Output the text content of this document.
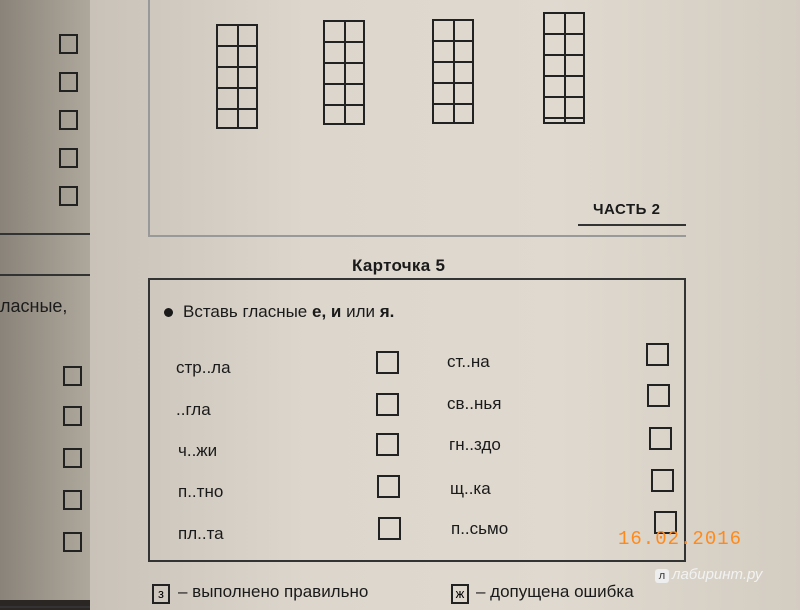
ласные,
ЧАСТЬ 2
Карточка 5
Вставь гласные е, и или я.
стр..ла
..гла
ч..жи
п..тно
пл..та
ст..на
св..нья
гн..здо
щ..ка
п..сьмо	16.02.2016
з – выполнено правильно	ж – допущена ошибка
л лабиринт.ру
